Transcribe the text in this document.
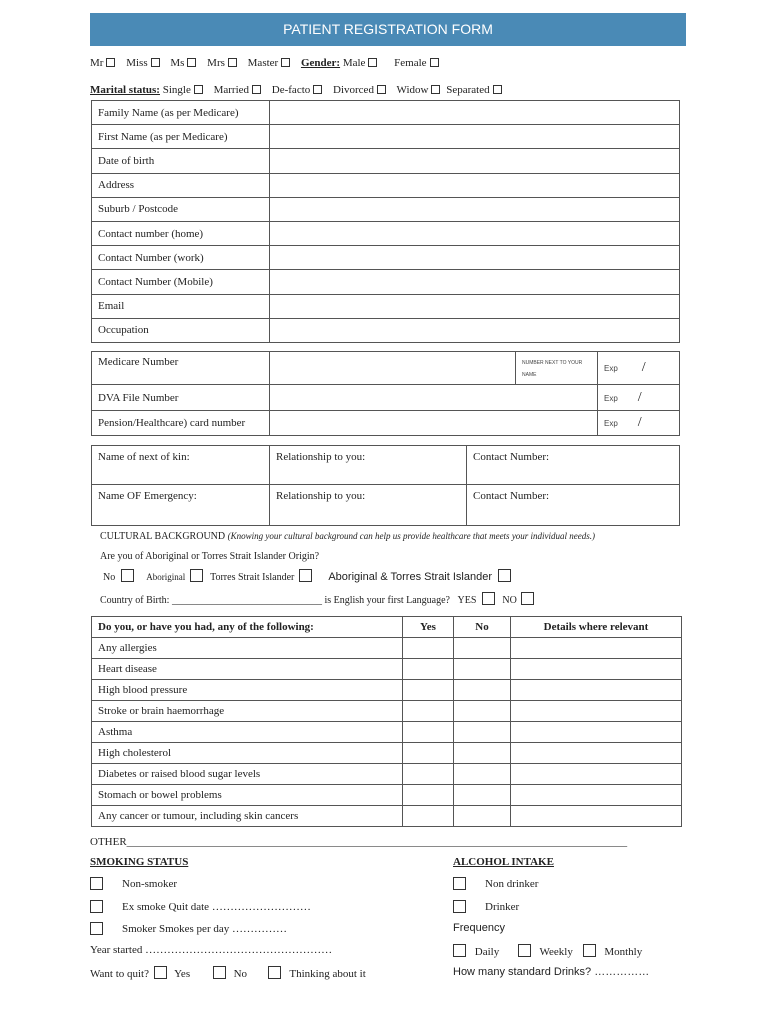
PATIENT REGISTRATION FORM
Mr Miss Ms Mrs Master Gender: Male	Female
Marital status: Single Married De-facto Divorced Widow Separated
Family Name (as per Medicare)	
First Name (as per Medicare)	
Date of birth	
Address	
Suburb / Postcode	
Contact number (home)	
Contact Number (work)	
Contact Number (Mobile)	
Email	
Occupation	
Medicare Number		NUMBER NEXT TO YOUR NAME	Exp /
DVA File Number			Exp /
Pension/Healthcare) card number			Exp /
Name of next of kin:	Relationship to you:	Contact Number:
Name OF Emergency:	Relationship to you:	Contact Number:
CULTURAL BACKGROUND (Knowing your cultural background can help us provide healthcare that meets your individual needs.)
Are you of Aboriginal or Torres Strait Islander Origin?
No	Aboriginal Torres Strait Islander	Aboriginal & Torres Strait Islander
Country of Birth: ______________________________ is English your first Language? YES	NO
Do you, or have you had, any of the following:	Yes	No	Details where relevant
Any allergies			
Heart disease			
High blood pressure			
Stroke or brain haemorrhage			
Asthma			
High cholesterol			
Diabetes or raised blood sugar levels			
Stomach or bowel problems			
Any cancer or tumour, including skin cancers			
OTHER___________________________________________________________________________________________
SMOKING STATUS
Non-smoker
Ex smoke Quit date ………………………
Smoker Smokes per day ……………
Year started ……………………………………………
Want to quit? Yes	No	Thinking about it
ALCOHOL INTAKE
Non drinker
Drinker
Frequency
Daily	Weekly	Monthly
How many standard Drinks? ……………
